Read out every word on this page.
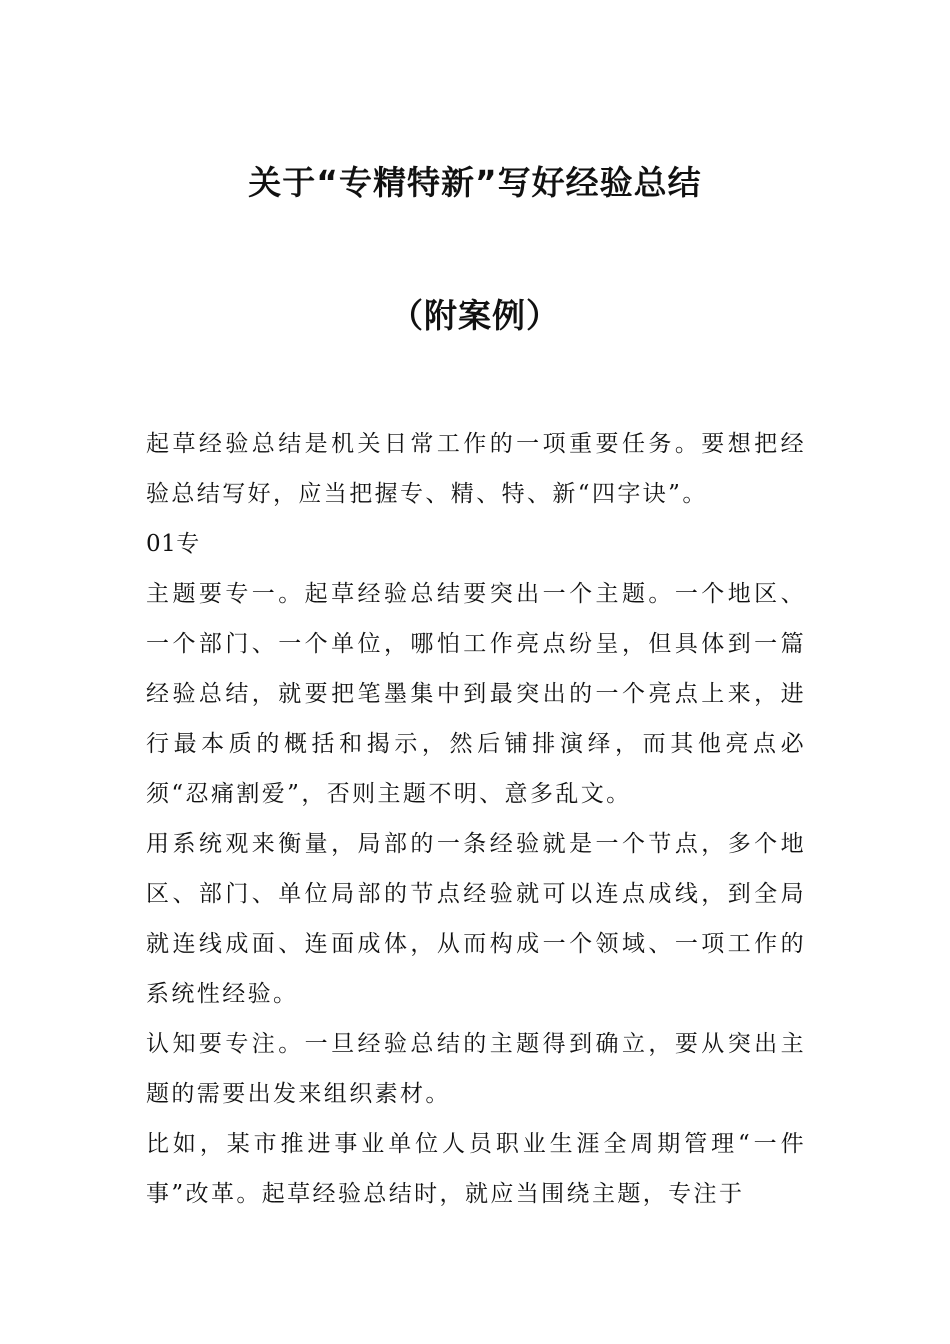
关于“专精特新”写好经验总结
（附案例）

起草经验总结是机关日常工作的一项重要任务。要想把经验总结写好，应当把握专、精、特、新“四字诀”。

01专

主题要专一。起草经验总结要突出一个主题。一个地区、一个部门、一个单位，哪怕工作亮点纷呈，但具体到一篇经验总结，就要把笔墨集中到最突出的一个亮点上来，进行最本质的概括和揭示，然后铺排演绎，而其他亮点必须“忍痛割爱”，否则主题不明、意多乱文。

用系统观来衡量，局部的一条经验就是一个节点，多个地区、部门、单位局部的节点经验就可以连点成线，到全局就连线成面、连面成体，从而构成一个领域、一项工作的系统性经验。

认知要专注。一旦经验总结的主题得到确立，要从突出主题的需要出发来组织素材。

比如，某市推进事业单位人员职业生涯全周期管理“一件事”改革。起草经验总结时，就应当围绕主题，专注于
